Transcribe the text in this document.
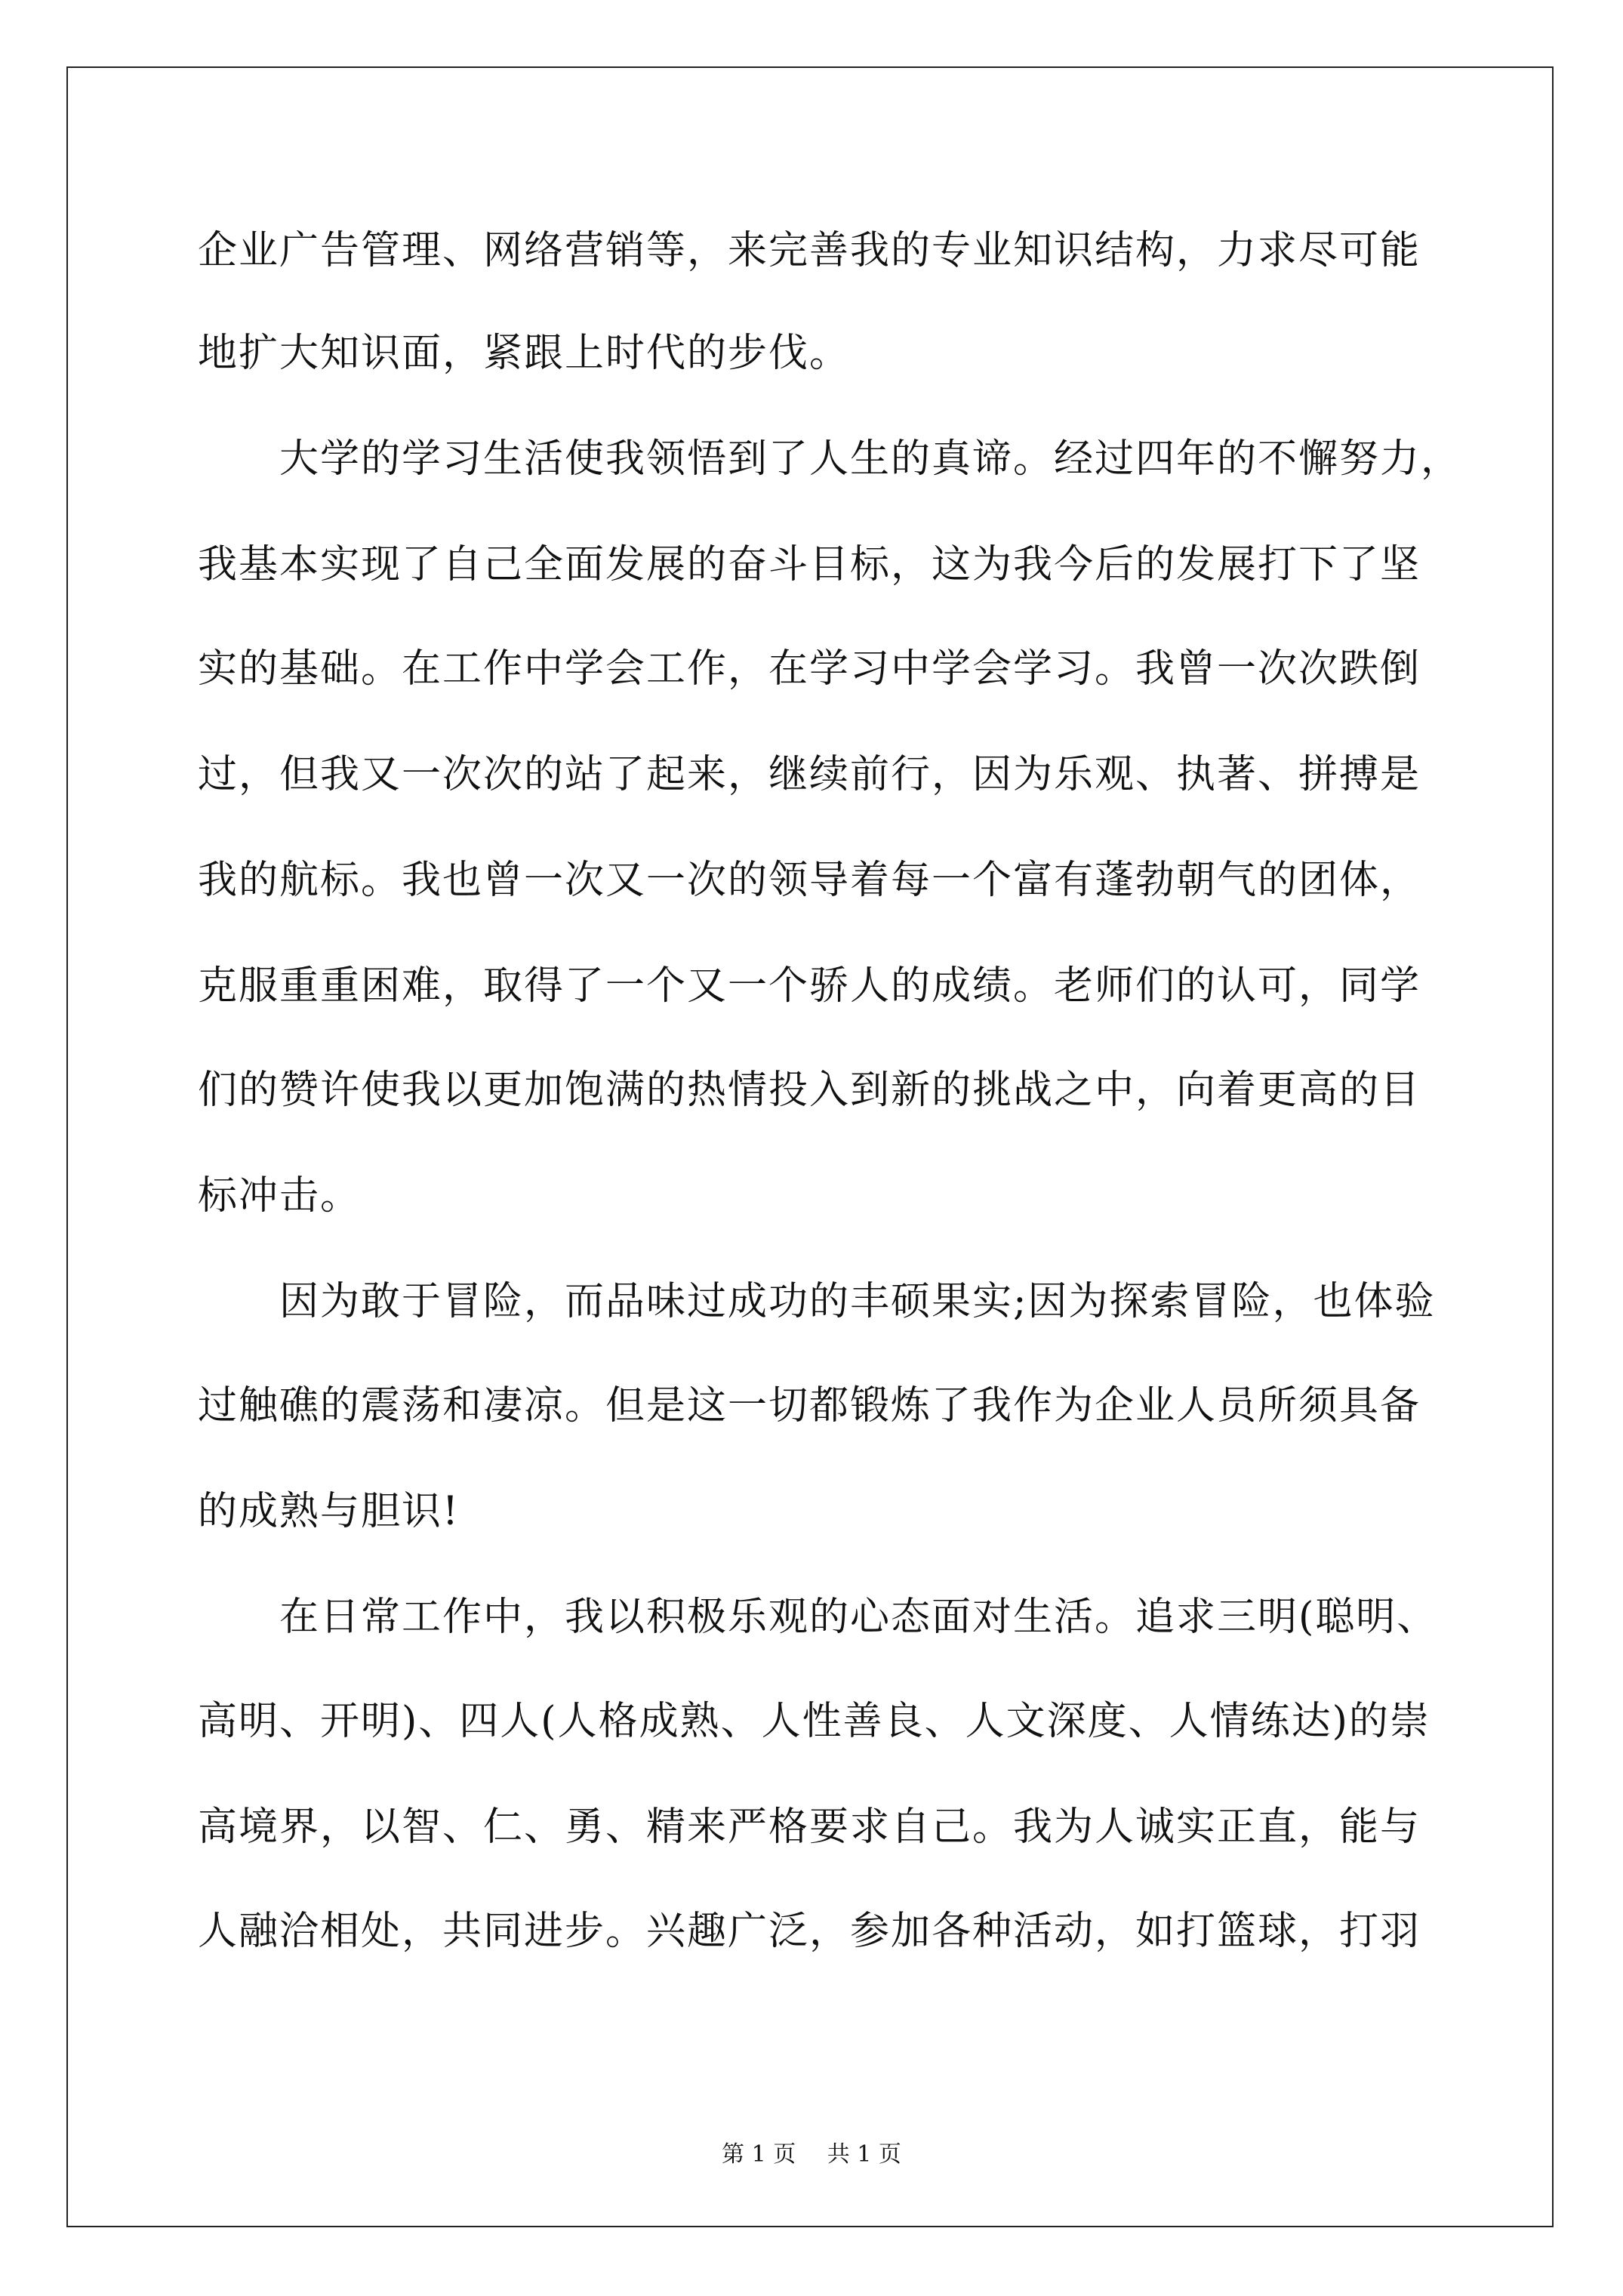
企业广告管理、网络营销等，来完善我的专业知识结构，力求尽可能
地扩大知识面，紧跟上时代的步伐。
大学的学习生活使我领悟到了人生的真谛。经过四年的不懈努力，
我基本实现了自己全面发展的奋斗目标，这为我今后的发展打下了坚
实的基础。在工作中学会工作，在学习中学会学习。我曾一次次跌倒
过，但我又一次次的站了起来，继续前行，因为乐观、执著、拼搏是
我的航标。我也曾一次又一次的领导着每一个富有蓬勃朝气的团体，
克服重重困难，取得了一个又一个骄人的成绩。老师们的认可，同学
们的赞许使我以更加饱满的热情投入到新的挑战之中，向着更高的目
标冲击。
因为敢于冒险，而品味过成功的丰硕果实;因为探索冒险，也体验
过触礁的震荡和凄凉。但是这一切都锻炼了我作为企业人员所须具备
的成熟与胆识!
在日常工作中，我以积极乐观的心态面对生活。追求三明(聪明、
高明、开明)、四人(人格成熟、人性善良、人文深度、人情练达)的崇
高境界，以智、仁、勇、精来严格要求自己。我为人诚实正直，能与
人融洽相处，共同进步。兴趣广泛，参加各种活动，如打篮球，打羽
第 1 页 共 1 页
